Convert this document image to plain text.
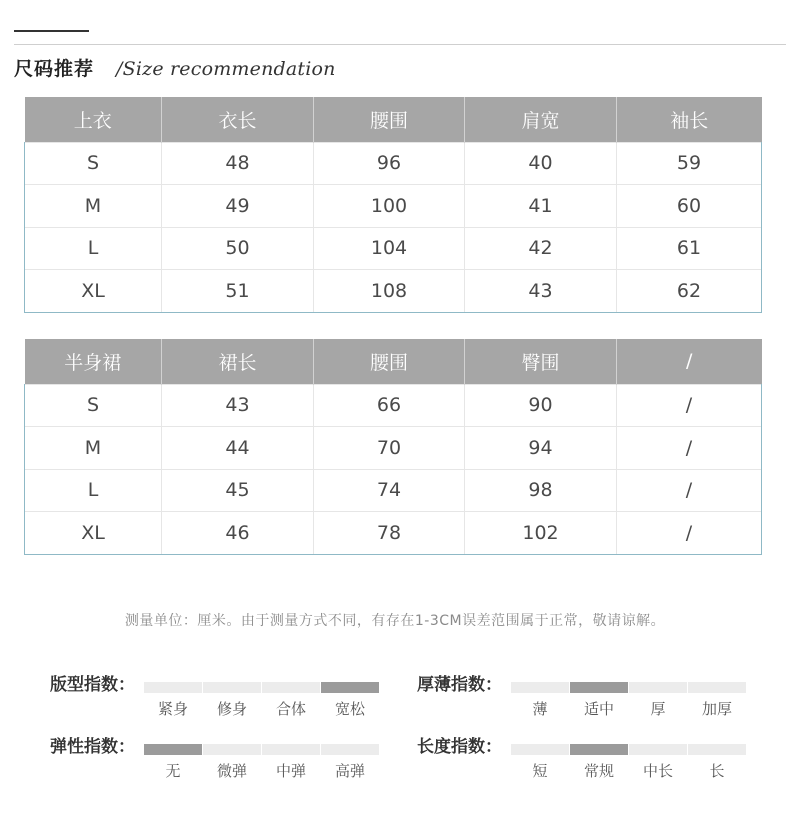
尺码推荐 /Size recommendation
上衣	衣长	腰围	肩宽	袖长
S	48	96	40	59
M	49	100	41	60
L	50	104	42	61
XL	51	108	43	62
半身裙	裙长	腰围	臀围	/
S	43	66	90	/
M	44	70	94	/
L	45	74	98	/
XL	46	78	102	/
测量单位：厘米。由于测量方式不同，有存在1-3CM误差范围属于正常，敬请谅解。
版型指数：
紧身	修身	合体	宽松
厚薄指数：
薄	适中	厚	加厚
弹性指数：
无	微弹	中弹	高弹
长度指数：
短	常规	中长	长
